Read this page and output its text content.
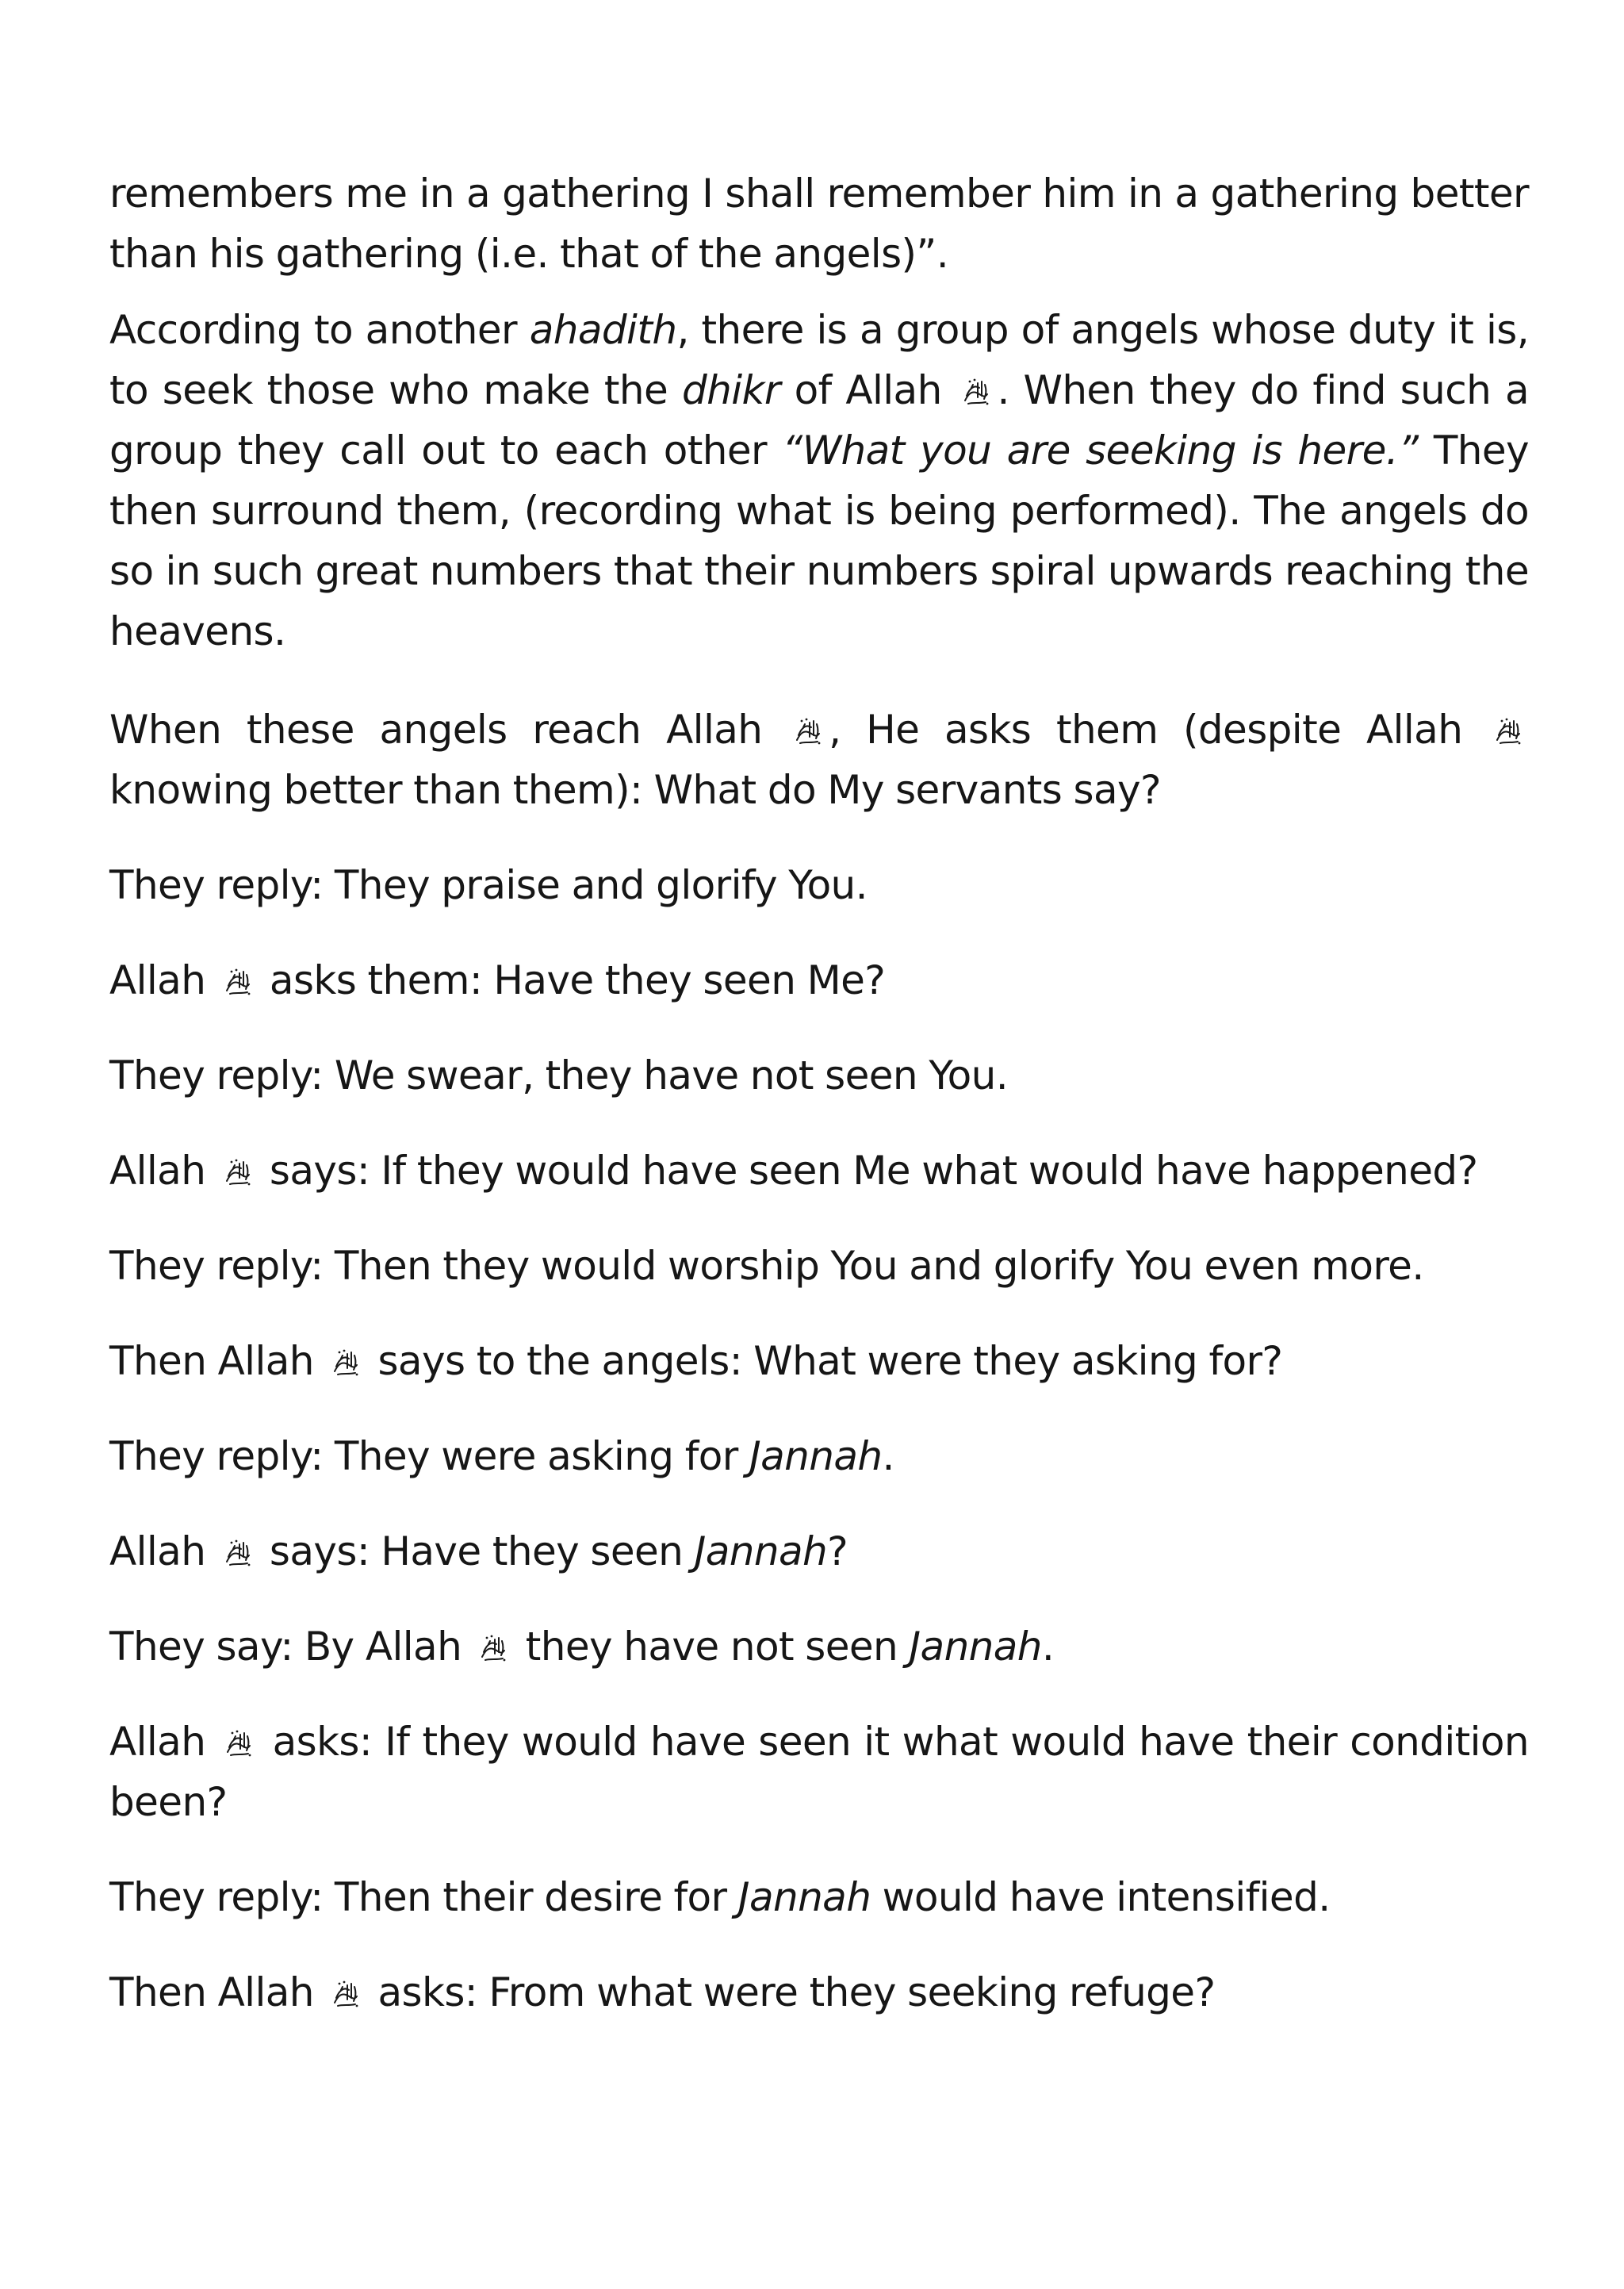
remembers me in a gathering I shall remember him in a gathering better than his gathering (i.e. that of the angels)”.

According to another ahadith, there is a group of angels whose duty it is, to seek those who make the dhikr of Allah
. When they do find such a group they call out to each other “What you are seeking is here.” They then surround them, (recording what is being performed). The angels do so in such great numbers that their numbers spiral upwards reaching the heavens.

When these angels reach Allah
, He asks them (despite Allah
knowing better than them): What do My servants say?

They reply: They praise and glorify You.

Allah
asks them: Have they seen Me?

They reply: We swear, they have not seen You.

Allah
says: If they would have seen Me what would have happened?

They reply: Then they would worship You and glorify You even more.

Then Allah
says to the angels: What were they asking for?

They reply: They were asking for Jannah.

Allah
says: Have they seen Jannah?

They say: By Allah
they have not seen Jannah.

Allah
asks: If they would have seen it what would have their condition been?

They reply: Then their desire for Jannah would have intensified.

Then Allah
asks: From what were they seeking refuge?
